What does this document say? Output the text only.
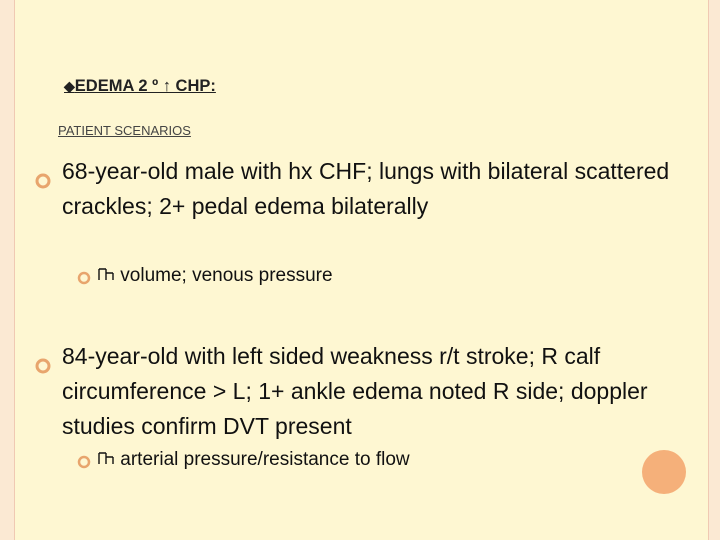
◆EDEMA 2 º ↑ CHP:
PATIENT SCENARIOS
68-year-old male with hx CHF; lungs with bilateral scattered crackles; 2+ pedal edema bilaterally
volume; venous pressure
84-year-old with left sided weakness r/t stroke; R calf circumference > L; 1+ ankle edema noted R side; doppler studies confirm DVT present
arterial pressure/resistance to flow
